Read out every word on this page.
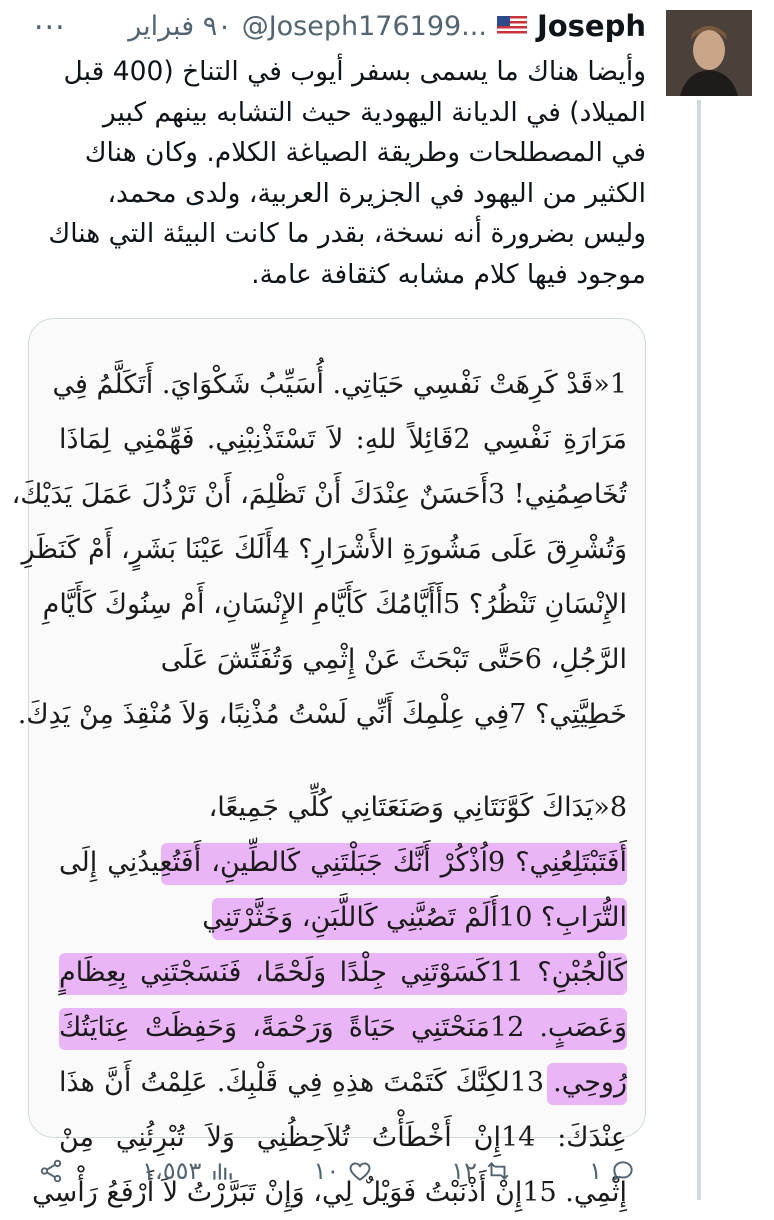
Joseph
@Joseph176199...
٩٠ فبراير
...
وأيضا هناك ما يسمى بسفر أيوب في التناخ (400 قبل
الميلاد) في الديانة اليهودية حيث التشابه بينهم كبير
في المصطلحات وطريقة الصياغة الكلام. وكان هناك
الكثير من اليهود في الجزيرة العربية، ولدى محمد،
وليس بضرورة أنه نسخة، بقدر ما كانت البيئة التي هناك
موجود فيها كلام مشابه كثقافة عامة.
1«قَدْ كَرِهَتْ نَفْسِي حَيَاتِي. أُسَيِّبُ شَكْوَايَ. أَتَكَلَّمُ فِي
مَرَارَةِ نَفْسِي 2قَائِلاً للهِ: لاَ تَسْتَذْنِبْنِي. فَهِّمْنِي لِمَاذَا
تُخَاصِمُنِي! 3أَحَسَنٌ عِنْدَكَ أَنْ تَظْلِمَ، أَنْ تَرْذُلَ عَمَلَ يَدَيْكَ،
وَتُشْرِقَ عَلَى مَشُورَةِ الأَشْرَارِ؟ 4أَلَكَ عَيْنَا بَشَرٍ، أَمْ كَنَظَرِ
الإِنْسَانِ تَنْظُرُ؟ 5أَأَيَّامُكَ كَأَيَّامِ الإِنْسَانِ، أَمْ سِنُوكَ كَأَيَّامِ
الرَّجُلِ، 6حَتَّى تَبْحَثَ عَنْ إِثْمِي وَتُفَتِّشَ عَلَى
خَطِيَّتِي؟ 7فِي عِلْمِكَ أَنِّي لَسْتُ مُذْنِبًا، وَلاَ مُنْقِذَ مِنْ يَدِكَ.
8«يَدَاكَ كَوَّنَتَانِي وَصَنَعَتَانِي كُلِّي جَمِيعًا،
أَفَتَبْتَلِعُنِي؟ 9اُذْكُرْ أَنَّكَ جَبَلْتَنِي كَالطِّينِ، أَفَتُعِيدُنِي إِلَى
التُّرَابِ؟ 10أَلَمْ تَصُبَّنِي كَاللَّبَنِ، وَخَثَّرْتَنِي
كَالْجُبْنِ؟ 11كَسَوْتَنِي جِلْدًا وَلَحْمًا، فَنَسَجْتَنِي بِعِظَامٍ
وَعَصَبٍ. 12مَنَحْتَنِي حَيَاةً وَرَحْمَةً، وَحَفِظَتْ عِنَايَتُكَ
رُوحِي. 13لكِنَّكَ كَتَمْتَ هذِهِ فِي قَلْبِكَ. عَلِمْتُ أَنَّ هذَا
عِنْدَكَ: 14إِنْ أَخْطَأْتُ تُلاَحِظُنِي وَلاَ تُبْرِئُنِي مِنْ
إِثْمِي. 15إِنْ أَذْنَبْتُ فَوَيْلٌ لِي، وَإِنْ تَبَرَّرْتُ لاَ أَرْفَعُ رَأْسِي
١
١٢
١٠
١،٥٥٣
